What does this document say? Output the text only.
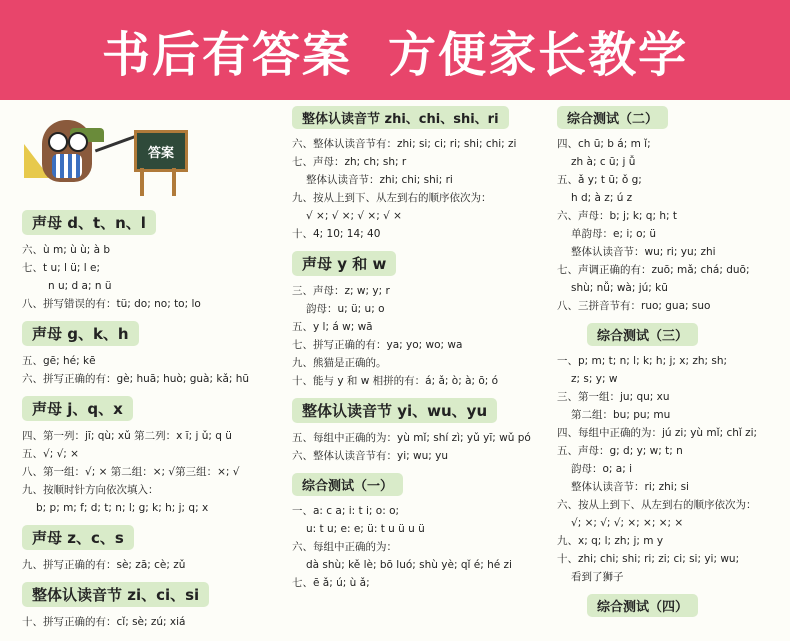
书后有答案 方便家长教学
答案
声母 d、t、n、l
六、ù m; ù ù; à b
七、t u; l ü; l e;
n u; d a; n ü
八、拼写错误的有：tü; do; no; to; lo
声母 g、k、h
五、gē; hé; kē
六、拼写正确的有：gè; huā; huò; guà; kǎ; hū
声母 j、q、x
四、第一列：jī; qù; xǔ 第二列：x ī; j ǔ; q ü
五、√; √; ×
八、第一组：√; × 第二组：×; √第三组：×; √
九、按顺时针方向依次填入：
b; p; m; f; d; t; n; l; g; k; h; j; q; x
声母 z、c、s
九、拼写正确的有：sè; zā; cè; zǔ
整体认读音节 zi、ci、si
十、拼写正确的有：cǐ; sè; zú; xiá
整体认读音节 zhi、chi、shi、ri
六、整体认读音节有：zhi; si; ci; ri; shi; chi; zi
七、声母：zh; ch; sh; r
整体认读音节：zhi; chi; shi; ri
九、按从上到下、从左到右的顺序依次为：
√ ×; √ ×; √ ×; √ ×
十、4; 10; 14; 40
声母 y 和 w
三、声母：z; w; y; r
韵母：u; ü; u; o
五、y l; á w; wā
七、拼写正确的有：ya; yo; wo; wa
九、熊猫是正确的。
十、能与 y 和 w 相拼的有：á; ǎ; ò; à; ō; ó
整体认读音节 yi、wu、yu
五、每组中正确的为：yù mǐ; shí zì; yǔ yī; wǔ pó
六、整体认读音节有：yi; wu; yu
综合测试（一）
一、a: c a; i: t i; o: o;
u: t u; e: e; ü: t u ü u ü
六、每组中正确的为：
dà shù; kě lè; bō luó; shù yè; qǐ é; hé zi
七、ē ǎ; ú; ù ǎ;
综合测试（二）
四、ch ū; b á; m ǐ;
zh à; c ū; j ǚ
五、ǎ y; t ū; ǒ g;
h d; à z; ú z
六、声母：b; j; k; q; h; t
单韵母：e; i; o; ü
整体认读音节：wu; ri; yu; zhi
七、声调正确的有：zuō; mǎ; chá; duō;
shù; nǚ; wà; jú; kū
八、三拼音节有：ruo; gua; suo
综合测试（三）
一、p; m; t; n; l; k; h; j; x; zh; sh;
z; s; y; w
三、第一组：ju; qu; xu
第二组：bu; pu; mu
四、每组中正确的为：jú zi; yù mǐ; chǐ zi;
五、声母：g; d; y; w; t; n
韵母：o; a; i
整体认读音节：ri; zhi; si
六、按从上到下、从左到右的顺序依次为：
√; ×; √; √; ×; ×; ×; ×
九、x; q; l; zh; j; m y
十、zhi; chi; shi; ri; zi; ci; si; yi; wu;
看到了狮子
综合测试（四）
